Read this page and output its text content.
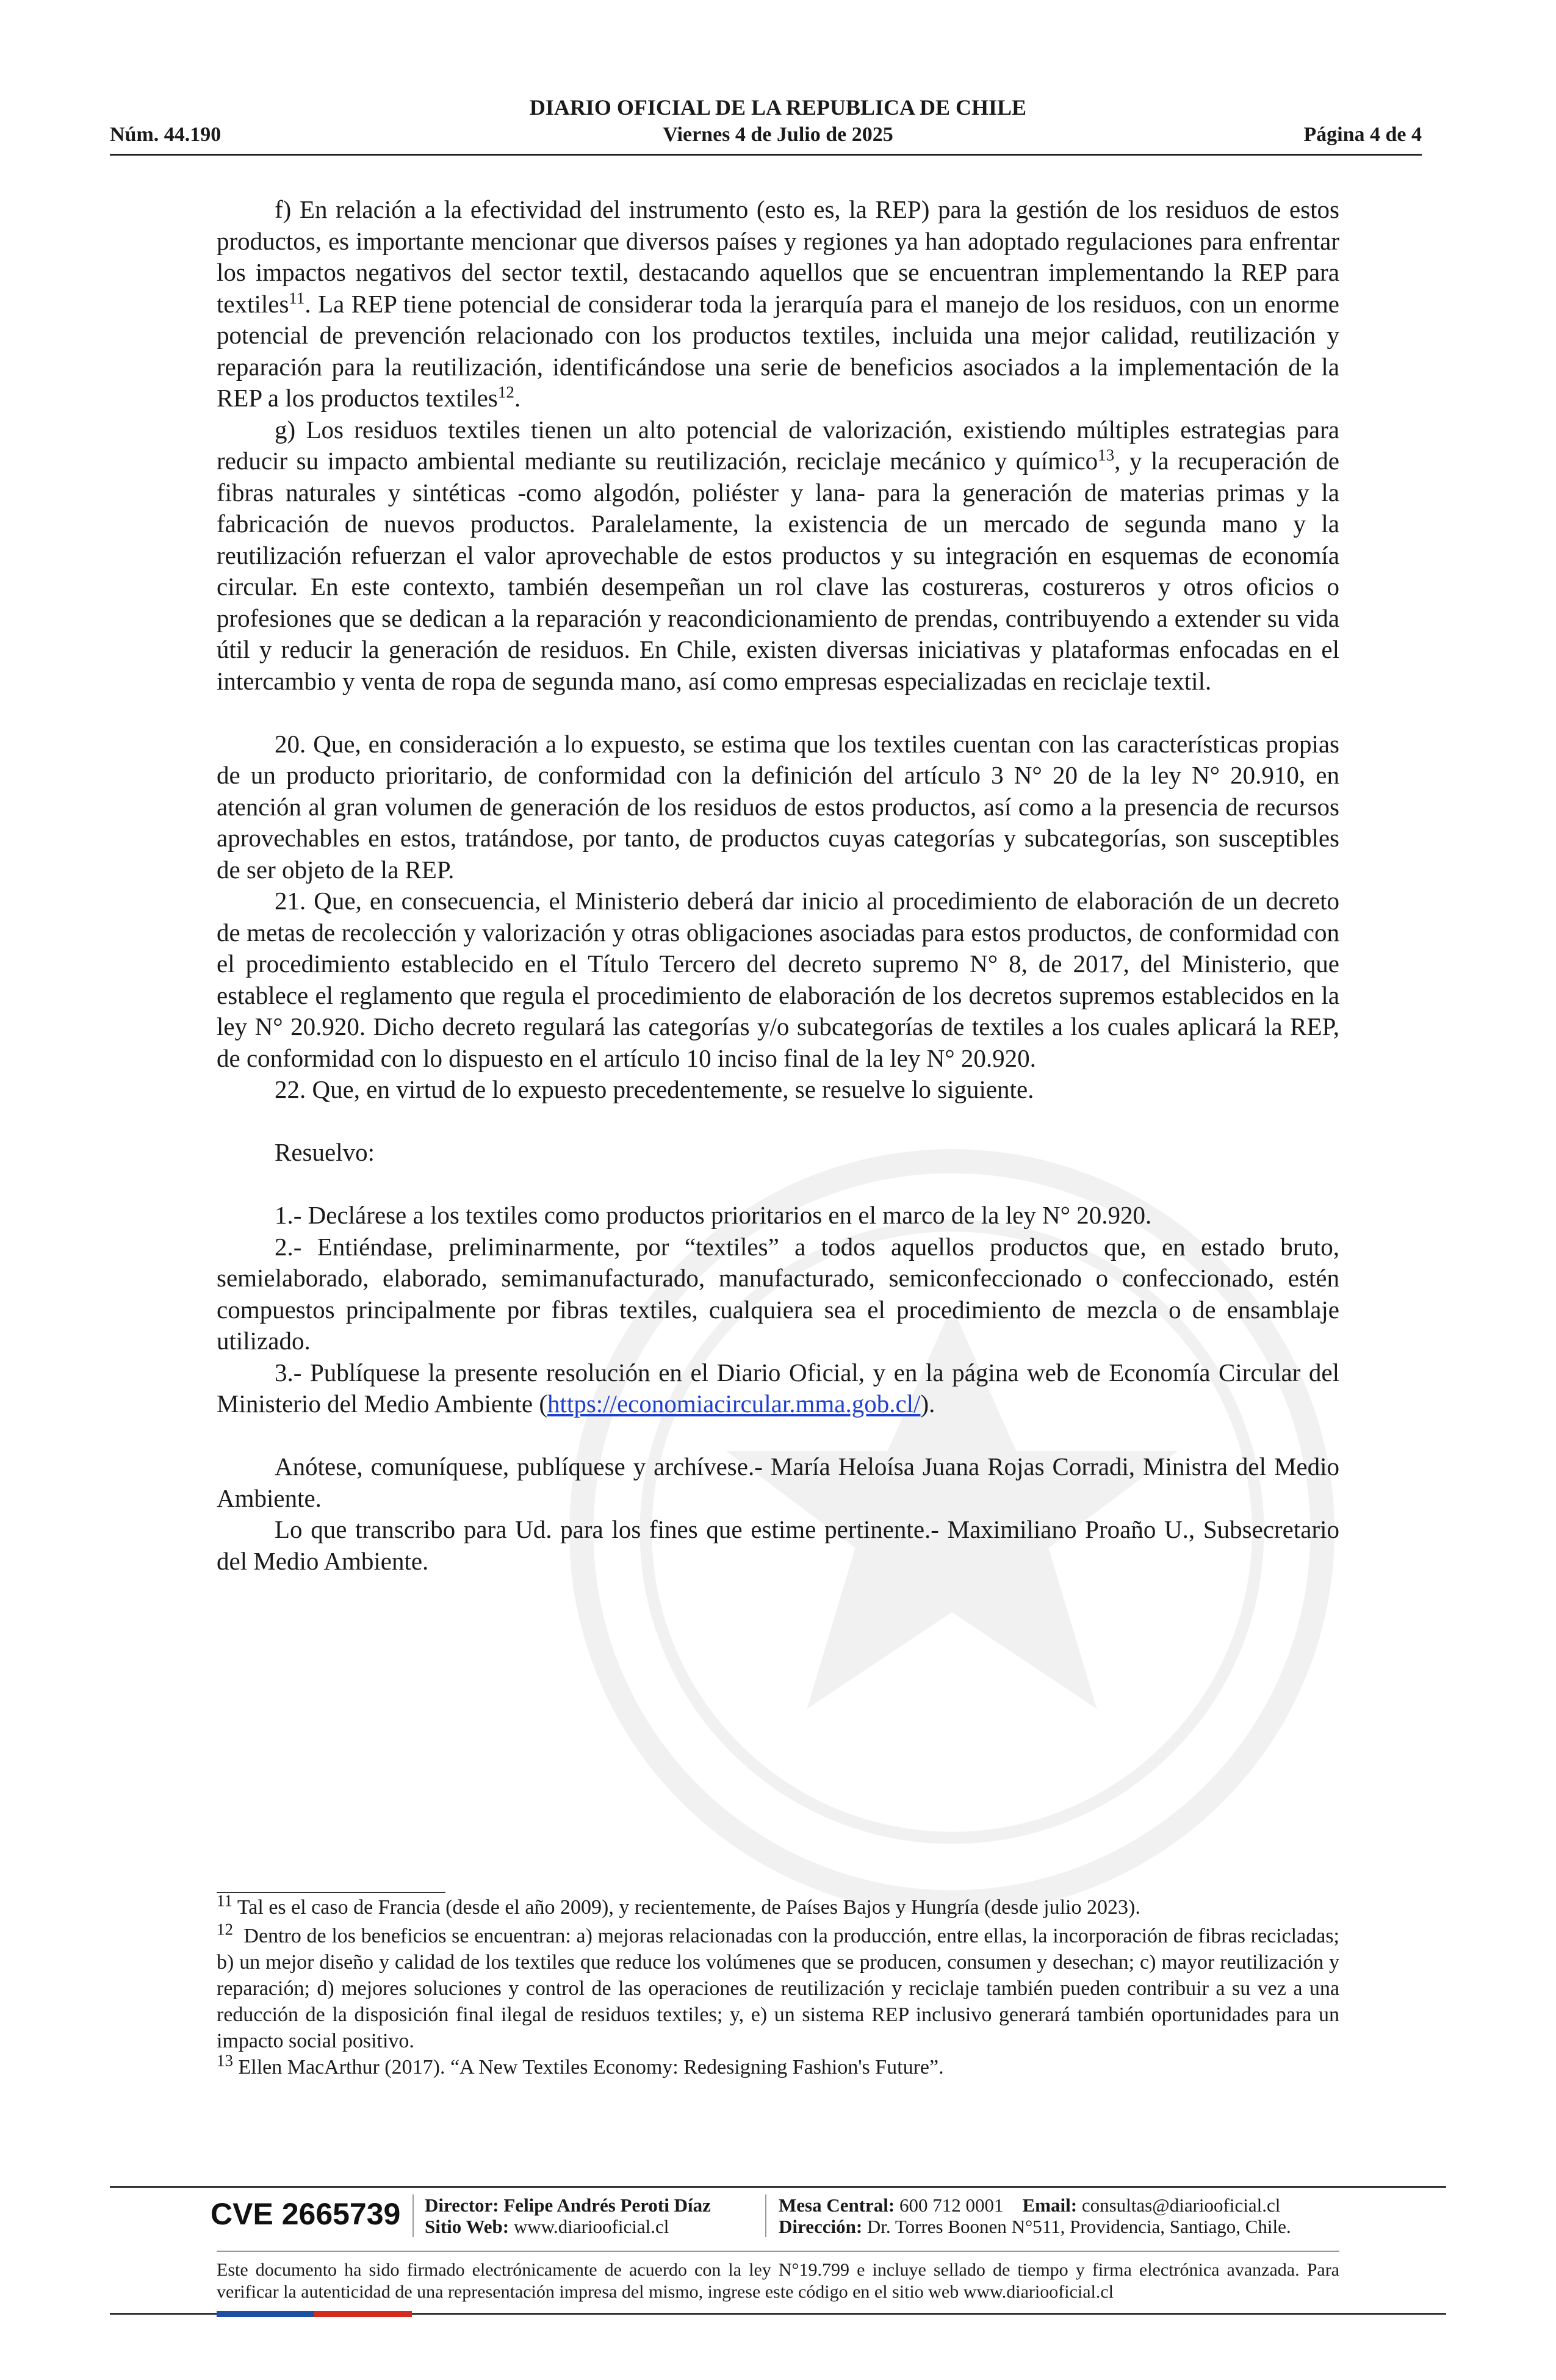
DIARIO OFICIAL DE LA REPUBLICA DE CHILE
Núm. 44.190	Viernes 4 de Julio de 2025	Página 4 de 4

f) En relación a la efectividad del instrumento (esto es, la REP) para la gestión de los residuos de estos productos, es importante mencionar que diversos países y regiones ya han adoptado regulaciones para enfrentar los impactos negativos del sector textil, destacando aquellos que se encuentran implementando la REP para textiles$^{11}$. La REP tiene potencial de considerar toda la jerarquía para el manejo de los residuos, con un enorme potencial de prevención relacionado con los productos textiles, incluida una mejor calidad, reutilización y reparación para la reutilización, identificándose una serie de beneficios asociados a la implementación de la REP a los productos textiles$^{12}$.

g) Los residuos textiles tienen un alto potencial de valorización, existiendo múltiples estrategias para reducir su impacto ambiental mediante su reutilización, reciclaje mecánico y químico$^{13}$, y la recuperación de fibras naturales y sintéticas -como algodón, poliéster y lana- para la generación de materias primas y la fabricación de nuevos productos. Paralelamente, la existencia de un mercado de segunda mano y la reutilización refuerzan el valor aprovechable de estos productos y su integración en esquemas de economía circular. En este contexto, también desempeñan un rol clave las costureras, costureros y otros oficios o profesiones que se dedican a la reparación y reacondicionamiento de prendas, contribuyendo a extender su vida útil y reducir la generación de residuos. En Chile, existen diversas iniciativas y plataformas enfocadas en el intercambio y venta de ropa de segunda mano, así como empresas especializadas en reciclaje textil.

20. Que, en consideración a lo expuesto, se estima que los textiles cuentan con las características propias de un producto prioritario, de conformidad con la definición del artículo 3 N° 20 de la ley N° 20.910, en atención al gran volumen de generación de los residuos de estos productos, así como a la presencia de recursos aprovechables en estos, tratándose, por tanto, de productos cuyas categorías y subcategorías, son susceptibles de ser objeto de la REP.

21. Que, en consecuencia, el Ministerio deberá dar inicio al procedimiento de elaboración de un decreto de metas de recolección y valorización y otras obligaciones asociadas para estos productos, de conformidad con el procedimiento establecido en el Título Tercero del decreto supremo N° 8, de 2017, del Ministerio, que establece el reglamento que regula el procedimiento de elaboración de los decretos supremos establecidos en la ley N° 20.920. Dicho decreto regulará las categorías y/o subcategorías de textiles a los cuales aplicará la REP, de conformidad con lo dispuesto en el artículo 10 inciso final de la ley N° 20.920.

22. Que, en virtud de lo expuesto precedentemente, se resuelve lo siguiente.

Resuelvo:

1.- Declárese a los textiles como productos prioritarios en el marco de la ley N° 20.920.

2.- Entiéndase, preliminarmente, por “textiles” a todos aquellos productos que, en estado bruto, semielaborado, elaborado, semimanufacturado, manufacturado, semiconfeccionado o confeccionado, estén compuestos principalmente por fibras textiles, cualquiera sea el procedimiento de mezcla o de ensamblaje utilizado.

3.- Publíquese la presente resolución en el Diario Oficial, y en la página web de Economía Circular del Ministerio del Medio Ambiente (https://economiacircular.mma.gob.cl/).

Anótese, comuníquese, publíquese y archívese.- María Heloísa Juana Rojas Corradi, Ministra del Medio Ambiente.

Lo que transcribo para Ud. para los fines que estime pertinente.- Maximiliano Proaño U., Subsecretario del Medio Ambiente.

$^{11}$ Tal es el caso de Francia (desde el año 2009), y recientemente, de Países Bajos y Hungría (desde julio 2023).

$^{12}$  Dentro de los beneficios se encuentran: a) mejoras relacionadas con la producción, entre ellas, la incorporación de fibras recicladas; b) un mejor diseño y calidad de los textiles que reduce los volúmenes que se producen, consumen y desechan; c) mayor reutilización y reparación; d) mejores soluciones y control de las operaciones de reutilización y reciclaje también pueden contribuir a su vez a una reducción de la disposición final ilegal de residuos textiles; y, e) un sistema REP inclusivo generará también oportunidades para un impacto social positivo.

$^{13}$ Ellen MacArthur (2017). “A New Textiles Economy: Redesigning Fashion's Future”.

CVE 2665739 Director: Felipe Andrés Peroti Díaz
Sitio Web: www.diariooficial.cl
Mesa Central: 600 712 0001 Email: consultas@diariooficial.cl
Dirección: Dr. Torres Boonen N°511, Providencia, Santiago, Chile.
Este documento ha sido firmado electrónicamente de acuerdo con la ley N°19.799 e incluye sellado de tiempo y firma electrónica avanzada. Para verificar la autenticidad de una representación impresa del mismo, ingrese este código en el sitio web www.diariooficial.cl
